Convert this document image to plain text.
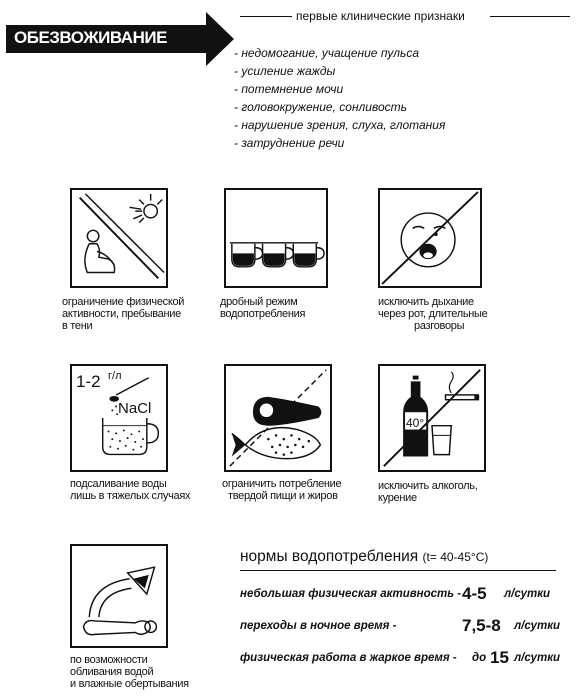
ОБЕЗВОЖИВАНИЕ
первые клинические признаки
- недомогание, учащение пульса
- усиление жажды
- потемнение мочи
- головокружение, сонливость
- нарушение зрения, слуха, глотания
- затруднение речи
ограничение физической
активности, пребывание
в тени
дробный режим
водопотребления
исключить дыхание
через рот, длительные
разговоры
1-2 г/л
NaCl
подсаливание воды
лишь в тяжелых случаях
ограничить потребление
твердой пищи и жиров
40°
исключить алкоголь,
курение
по возможности
обливания водой
и влажные обертывания
нормы водопотребления (t= 40-45°C)
небольшая физическая активность - 4-5 л/сутки
переходы в ночное время -	7,5-8 л/сутки
физическая работа в жаркое время - до 15 л/сутки
